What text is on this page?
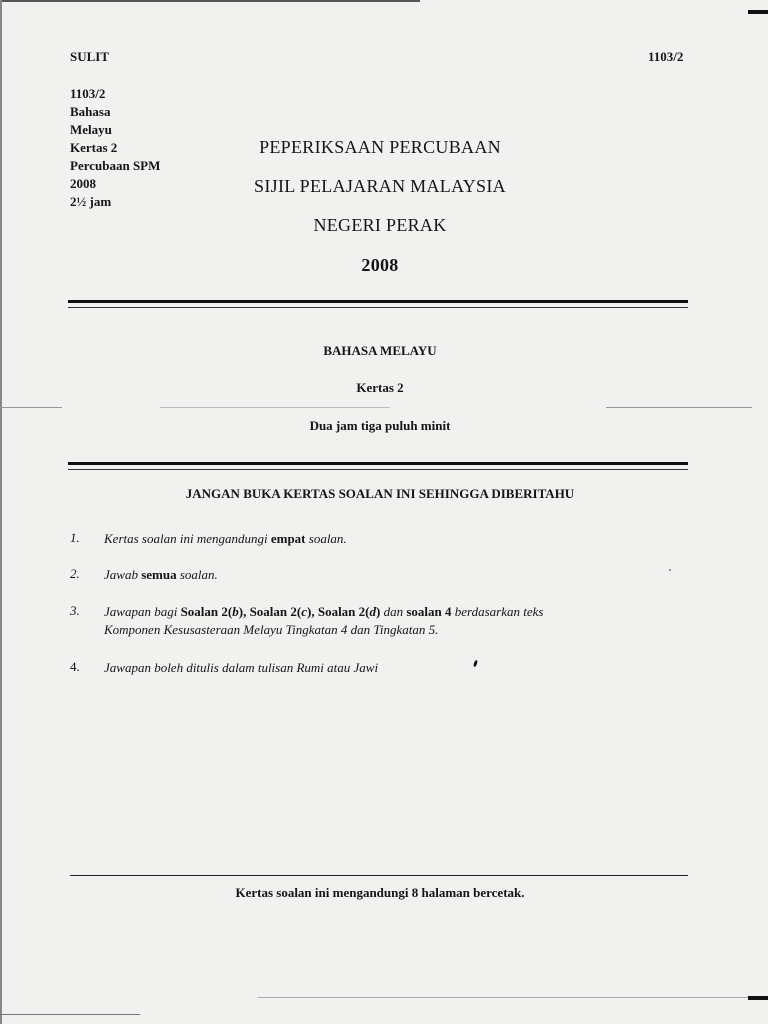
SULIT	1103/2
1103/2
Bahasa
Melayu
Kertas 2
Percubaan SPM
2008
2½ jam
PEPERIKSAAN PERCUBAAN
SIJIL PELAJARAN MALAYSIA
NEGERI PERAK
2008
BAHASA MELAYU
Kertas 2
Dua jam tiga puluh minit
JANGAN BUKA KERTAS SOALAN INI SEHINGGA DIBERITAHU
1. Kertas soalan ini mengandungi empat soalan.
2. Jawab semua soalan.
3. Jawapan bagi Soalan 2(b), Soalan 2(c), Soalan 2(d) dan soalan 4 berdasarkan teks
Komponen Kesusasteraan Melayu Tingkatan 4 dan Tingkatan 5.
4. Jawapan boleh ditulis dalam tulisan Rumi atau Jawi
Kertas soalan ini mengandungi 8 halaman bercetak.
